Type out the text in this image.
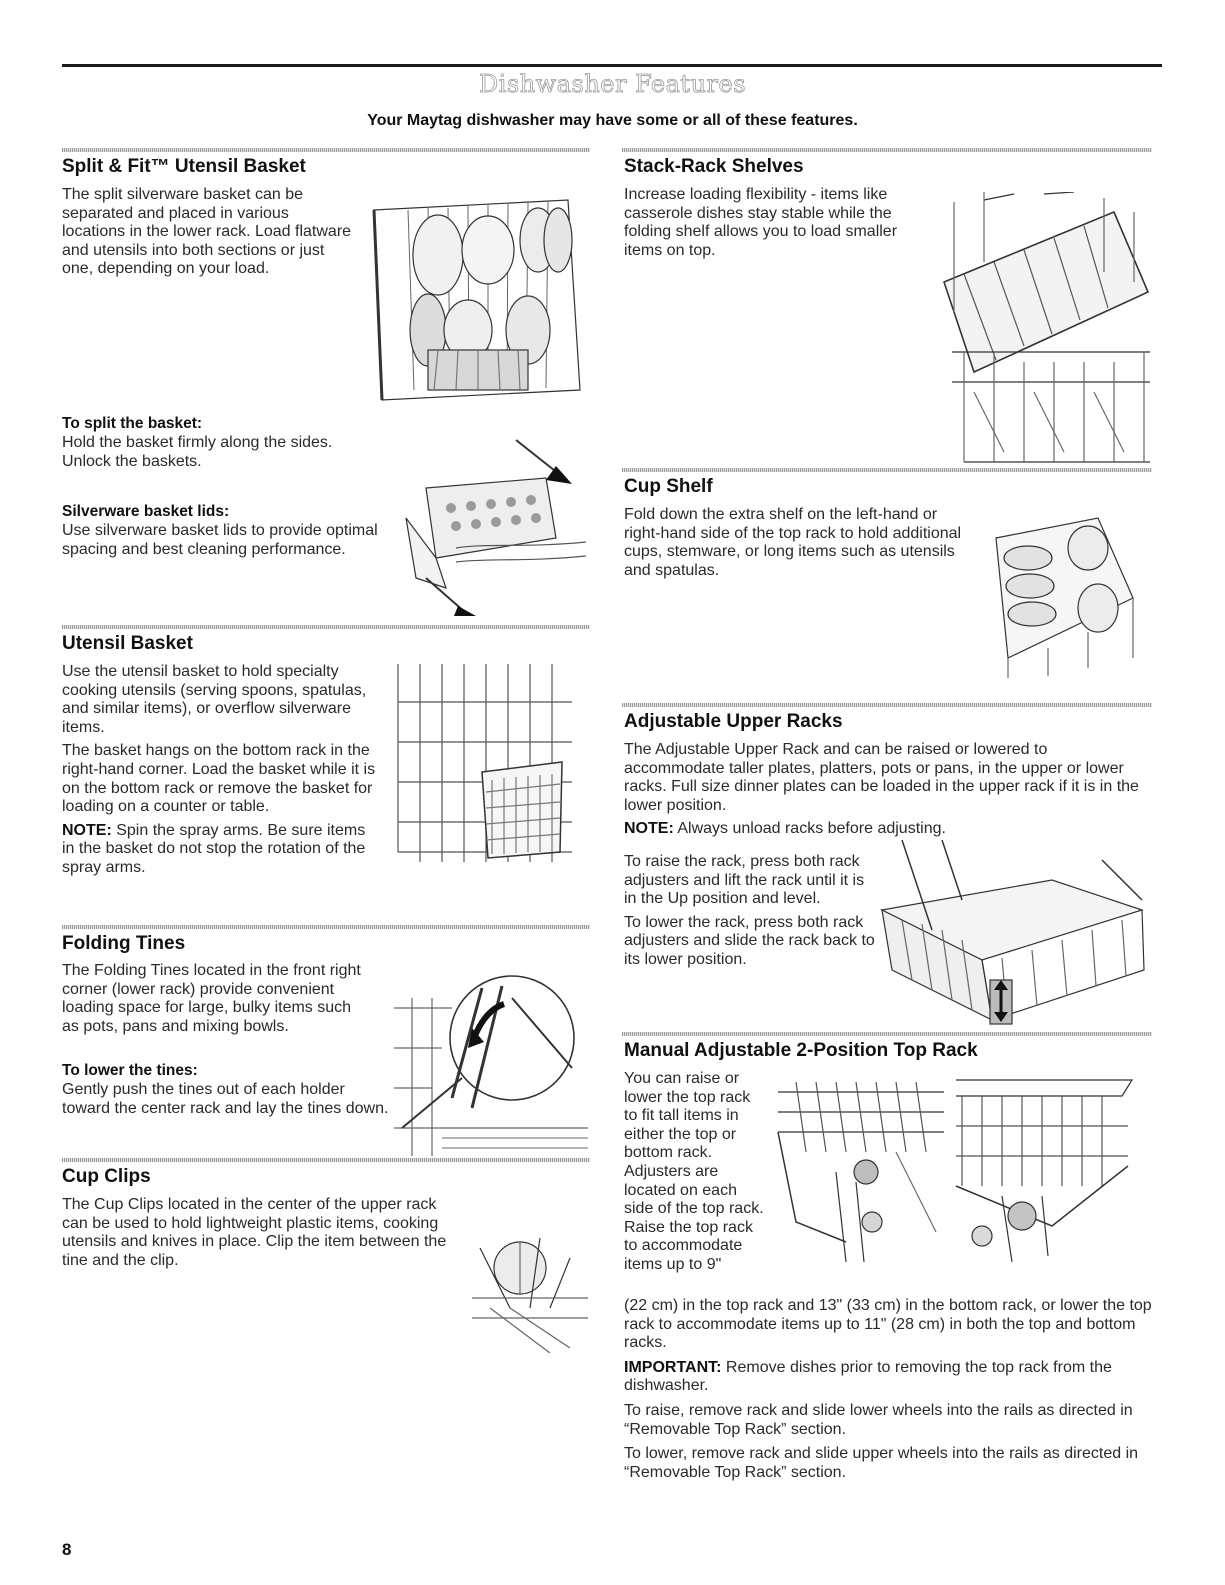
Dishwasher Features
Your Maytag dishwasher may have some or all of these features.
Split & Fit™ Utensil Basket
The split silverware basket can be separated and placed in various locations in the lower rack. Load flatware and utensils into both sections or just one, depending on your load.
To split the basket:
Hold the basket firmly along the sides. Unlock the baskets.
Silverware basket lids:
Use silverware basket lids to provide optimal spacing and best cleaning performance.
Utensil Basket

Use the utensil basket to hold specialty cooking utensils (serving spoons, spatulas, and similar items), or overflow silverware items.

The basket hangs on the bottom rack in the right-hand corner. Load the basket while it is on the bottom rack or remove the basket for loading on a counter or table.

NOTE: Spin the spray arms. Be sure items in the basket do not stop the rotation of the spray arms.

Folding Tines
The Folding Tines located in the front right corner (lower rack) provide convenient loading space for large, bulky items such as pots, pans and mixing bowls.
To lower the tines:
Gently push the tines out of each holder toward the center rack and lay the tines down.
Cup Clips
The Cup Clips located in the center of the upper rack can be used to hold lightweight plastic items, cooking utensils and knives in place. Clip the item between the tine and the clip.
Stack-Rack Shelves
Increase loading flexibility - items like casserole dishes stay stable while the folding shelf allows you to load smaller items on top.
Cup Shelf
Fold down the extra shelf on the left-hand or right-hand side of the top rack to hold additional cups, stemware, or long items such as utensils and spatulas.
Adjustable Upper Racks

The Adjustable Upper Rack and can be raised or lowered to accommodate taller plates, platters, pots or pans, in the upper or lower racks. Full size dinner plates can be loaded in the upper rack if it is in the lower position.

NOTE: Always unload racks before adjusting.

To raise the rack, press both rack adjusters and lift the rack until it is in the Up position and level.

To lower the rack, press both rack adjusters and slide the rack back to its lower position.

Manual Adjustable 2-Position Top Rack
You can raise or lower the top rack to fit tall items in either the top or bottom rack. Adjusters are located on each side of the top rack. Raise the top rack to accommodate items up to 9"

(22 cm) in the top rack and 13" (33 cm) in the bottom rack, or lower the top rack to accommodate items up to 11" (28 cm) in both the top and bottom racks.

IMPORTANT: Remove dishes prior to removing the top rack from the dishwasher.

To raise, remove rack and slide lower wheels into the rails as directed in “Removable Top Rack” section.

To lower, remove rack and slide upper wheels into the rails as directed in “Removable Top Rack” section.

8
